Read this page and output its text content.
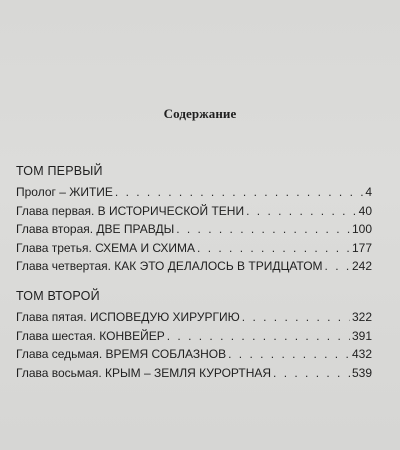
Содержание
ТОМ ПЕРВЫЙ
Пролог – ЖИТИЕ . . .	4
Глава первая. В ИСТОРИЧЕСКОЙ ТЕНИ . . .	40
Глава вторая. ДВЕ ПРАВДЫ . . .	100
Глава третья. СХЕМА И СХИМА . . .	177
Глава четвертая. КАК ЭТО ДЕЛАЛОСЬ В ТРИДЦАТОМ . . . 242
ТОМ ВТОРОЙ
Глава пятая. ИСПОВЕДУЮ ХИРУРГИЮ . . .	322
Глава шестая. КОНВЕЙЕР . . .	391
Глава седьмая. ВРЕМЯ СОБЛАЗНОВ . . .	432
Глава восьмая. КРЫМ – ЗЕМЛЯ КУРОРТНАЯ . . .	539
